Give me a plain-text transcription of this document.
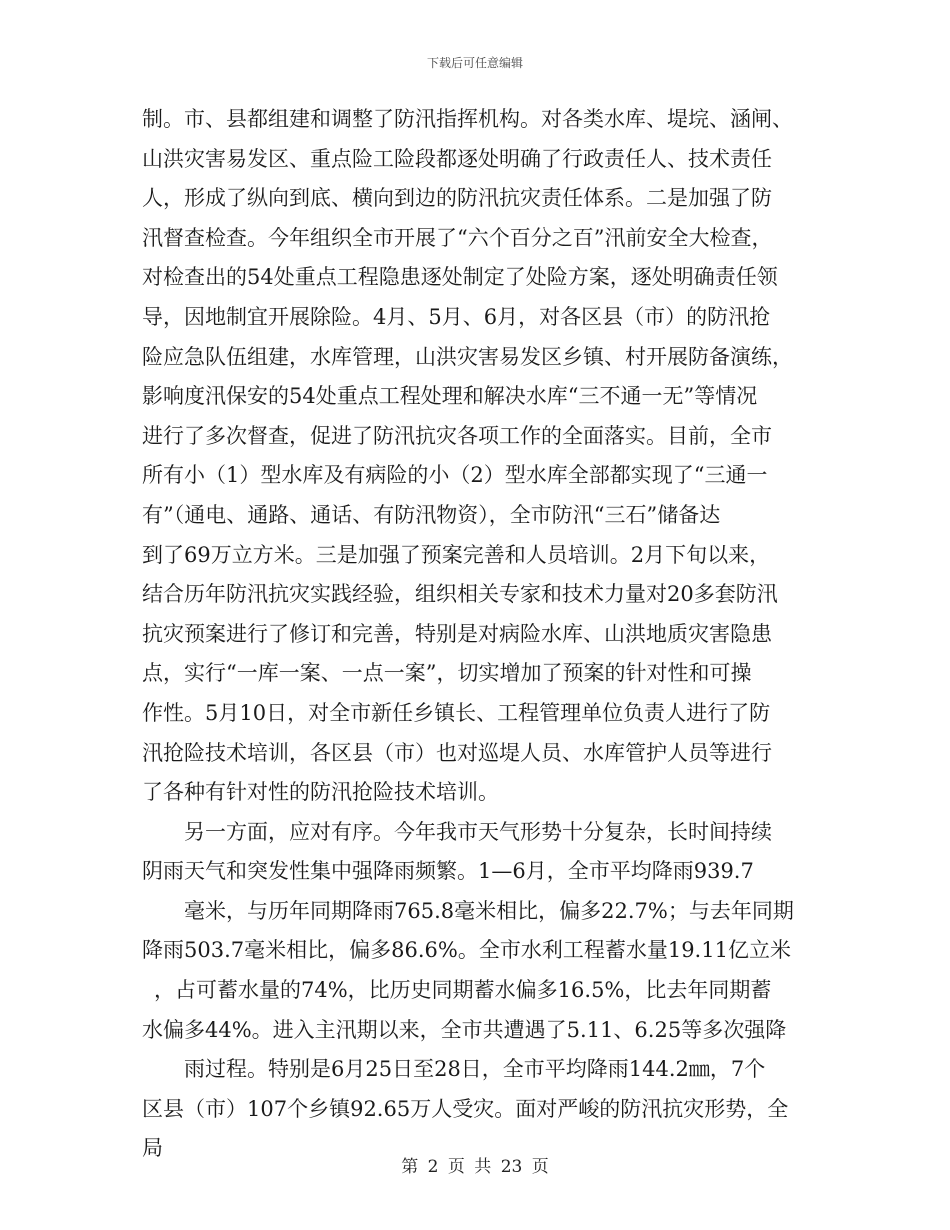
下载后可任意编辑
制。市、县都组建和调整了防汛指挥机构。对各类水库、堤垸、涵闸、
山洪灾害易发区、重点险工险段都逐处明确了行政责任人、技术责任
人，形成了纵向到底、横向到边的防汛抗灾责任体系。二是加强了防
汛督查检查。今年组织全市开展了“六个百分之百”汛前安全大检查，
对检查出的54处重点工程隐患逐处制定了处险方案，逐处明确责任领
导，因地制宜开展除险。4月、5月、6月，对各区县（市）的防汛抢
险应急队伍组建，水库管理，山洪灾害易发区乡镇、村开展防备演练，
影响度汛保安的54处重点工程处理和解决水库“三不通一无”等情况
进行了多次督查，促进了防汛抗灾各项工作的全面落实。目前，全市
所有小（1）型水库及有病险的小（2）型水库全部都实现了“三通一
有”（通电、通路、通话、有防汛物资），全市防汛“三石”储备达
到了69万立方米。三是加强了预案完善和人员培训。2月下旬以来，
结合历年防汛抗灾实践经验，组织相关专家和技术力量对20多套防汛
抗灾预案进行了修订和完善，特别是对病险水库、山洪地质灾害隐患
点，实行“一库一案、一点一案”，切实增加了预案的针对性和可操
作性。5月10日，对全市新任乡镇长、工程管理单位负责人进行了防
汛抢险技术培训，各区县（市）也对巡堤人员、水库管护人员等进行
了各种有针对性的防汛抢险技术培训。
另一方面，应对有序。今年我市天气形势十分复杂，长时间持续
阴雨天气和突发性集中强降雨频繁。1—6月，全市平均降雨939.7
毫米，与历年同期降雨765.8毫米相比，偏多22.7%；与去年同期
降雨503.7毫米相比，偏多86.6%。全市水利工程蓄水量19.11亿立米
，占可蓄水量的74%，比历史同期蓄水偏多16.5%，比去年同期蓄
水偏多44%。进入主汛期以来，全市共遭遇了5.11、6.25等多次强降
雨过程。特别是6月25日至28日，全市平均降雨144.2㎜，7个
区县（市）107个乡镇92.65万人受灾。面对严峻的防汛抗灾形势，全
局
第 2 页 共 23 页
